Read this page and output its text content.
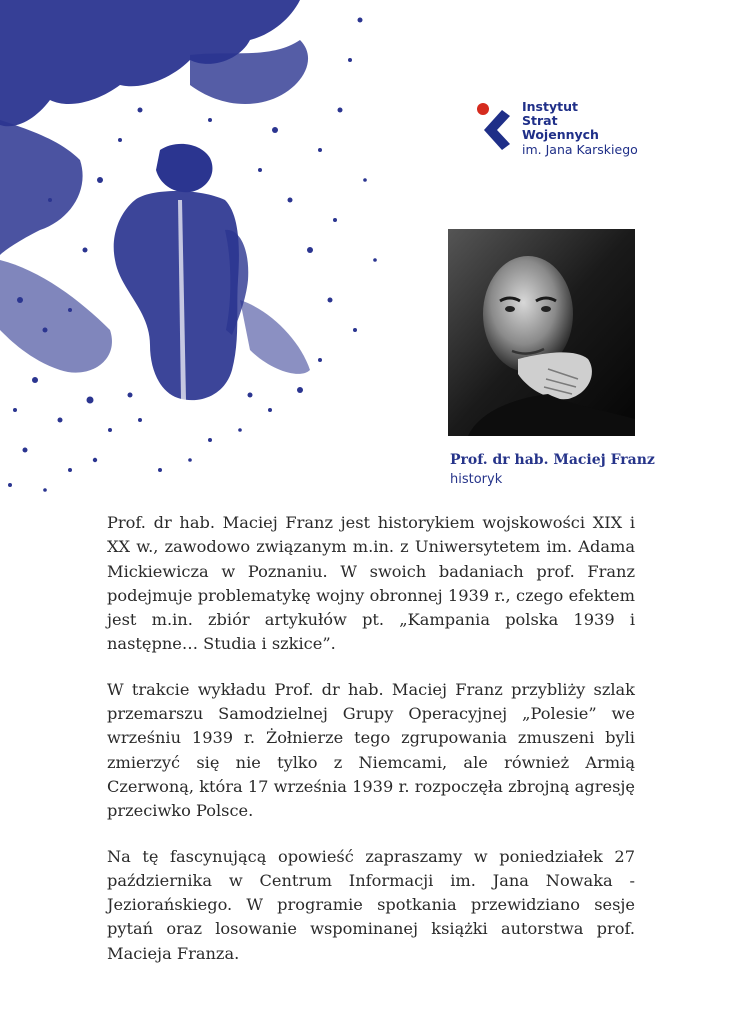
Instytut
Strat
Wojennych
im. Jana Karskiego
Prof. dr hab. Maciej Franz
historyk

Prof. dr hab. Maciej Franz jest historykiem wojskowości XIX i XX w., zawodowo związanym m.in. z Uniwersytetem im. Adama Mickiewicza w Poznaniu. W swoich badaniach prof. Franz podejmuje problematykę wojny obronnej 1939 r., czego efektem jest m.in. zbiór artykułów pt. „Kampania polska 1939 i następne… Studia i szkice”.

W trakcie wykładu Prof. dr hab. Maciej Franz przybliży szlak przemarszu Samodzielnej Grupy Operacyjnej „Polesie” we wrześniu 1939 r. Żołnierze tego zgrupowania zmuszeni byli zmierzyć się nie tylko z Niemcami, ale również Armią Czerwoną, która 17 września 1939 r. rozpoczęła zbrojną agresję przeciwko Polsce.

Na tę fascynującą opowieść zapraszamy w poniedziałek 27 października w Centrum Informacji im. Jana Nowaka - Jeziorańskiego. W programie spotkania przewidziano sesje pytań oraz losowanie wspominanej książki autorstwa prof. Macieja Franza.
